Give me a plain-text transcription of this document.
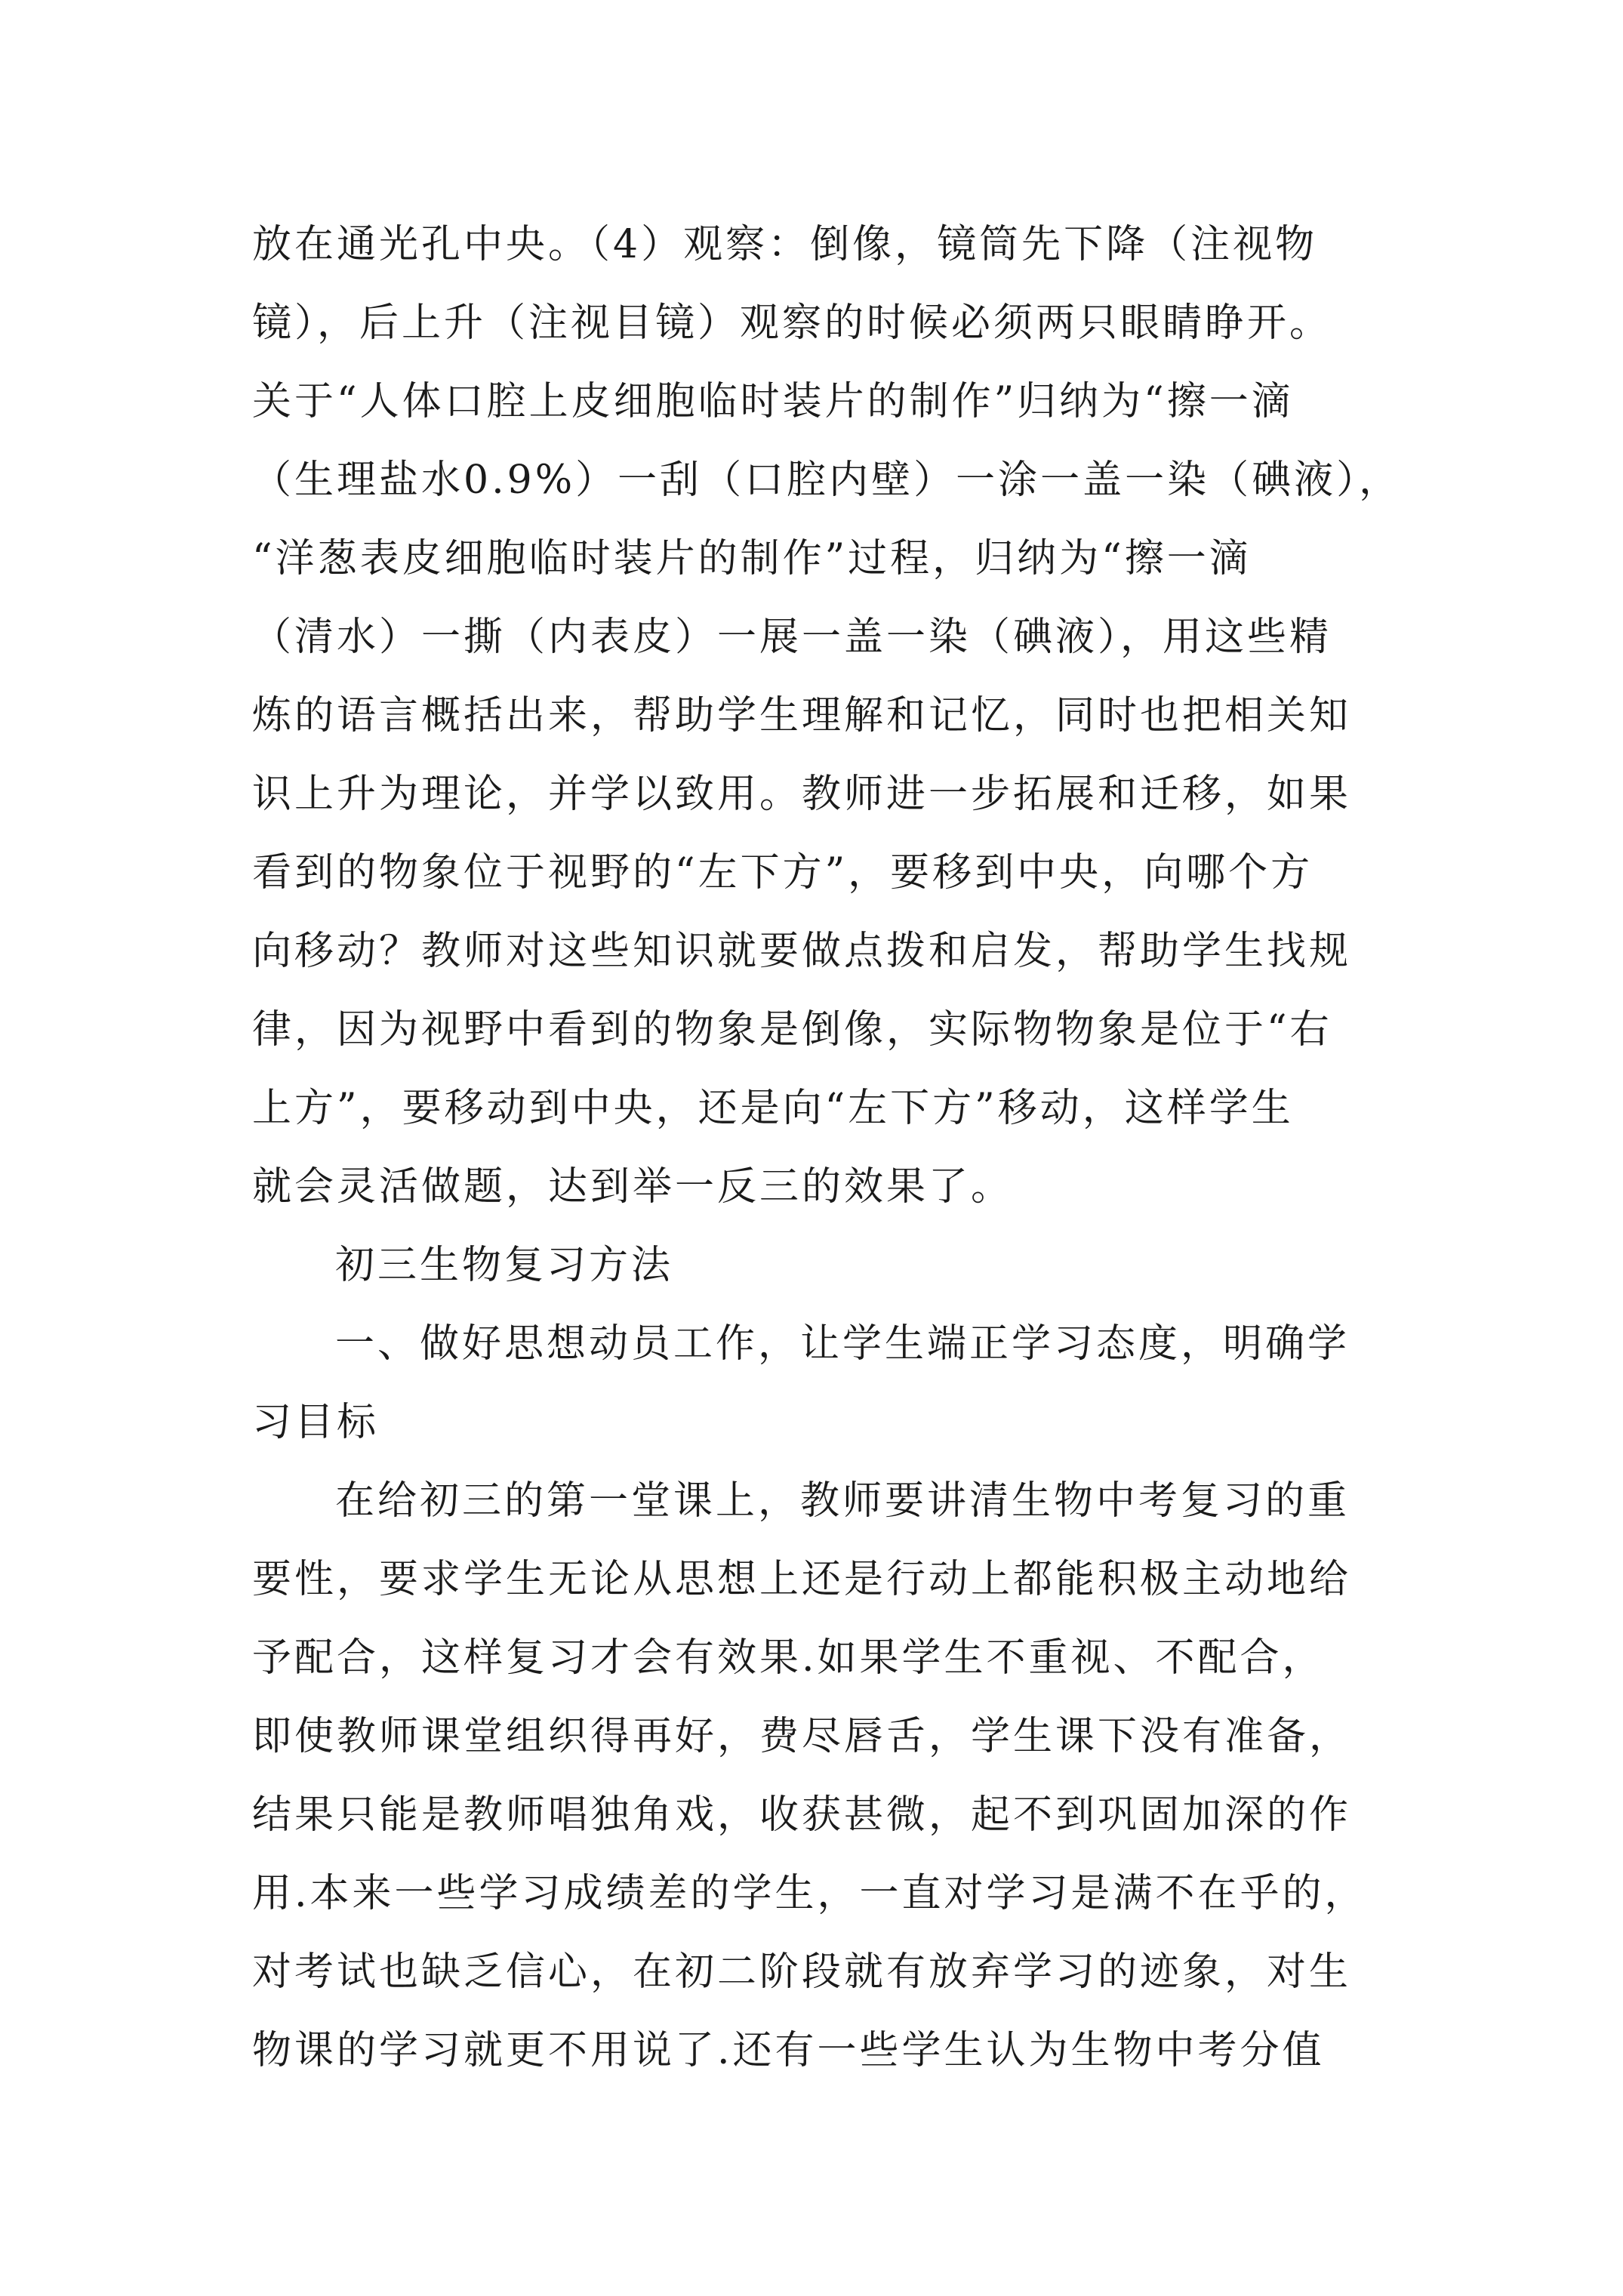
放在通光孔中央。（4）观察：倒像，镜筒先下降（注视物
镜），后上升（注视目镜）观察的时候必须两只眼睛睁开。
关于“人体口腔上皮细胞临时装片的制作”归纳为“擦一滴
（生理盐水0.9%）一刮（口腔内壁）一涂一盖一染（碘液），
“洋葱表皮细胞临时装片的制作”过程，归纳为“擦一滴
（清水）一撕（内表皮）一展一盖一染（碘液），用这些精
炼的语言概括出来，帮助学生理解和记忆，同时也把相关知
识上升为理论，并学以致用。教师进一步拓展和迁移，如果
看到的物象位于视野的“左下方”，要移到中央，向哪个方
向移动？教师对这些知识就要做点拨和启发，帮助学生找规
律，因为视野中看到的物象是倒像，实际物物象是位于“右
上方”，要移动到中央，还是向“左下方”移动，这样学生
就会灵活做题，达到举一反三的效果了。
初三生物复习方法
一、做好思想动员工作，让学生端正学习态度，明确学
习目标
在给初三的第一堂课上，教师要讲清生物中考复习的重
要性，要求学生无论从思想上还是行动上都能积极主动地给
予配合，这样复习才会有效果.如果学生不重视、不配合，
即使教师课堂组织得再好，费尽唇舌，学生课下没有准备，
结果只能是教师唱独角戏，收获甚微，起不到巩固加深的作
用.本来一些学习成绩差的学生，一直对学习是满不在乎的，
对考试也缺乏信心，在初二阶段就有放弃学习的迹象，对生
物课的学习就更不用说了.还有一些学生认为生物中考分值
